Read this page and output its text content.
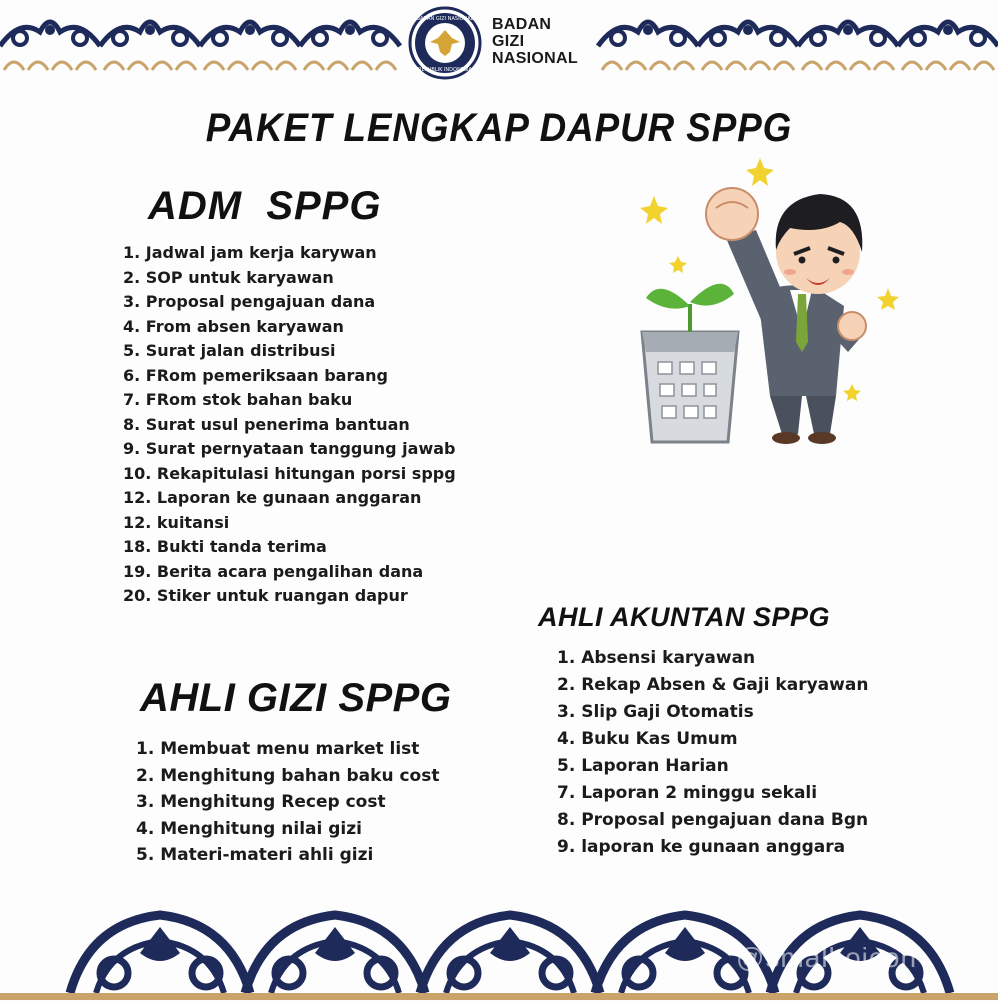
BADAN GIZI NASIONAL
REPUBLIK INDONESIA
BADAN
GIZI
NASIONAL
PAKET LENGKAP DAPUR SPPG
ADM  SPPG
1. Jadwal jam kerja karywan
2. SOP untuk karyawan
3. Proposal pengajuan dana
4. From absen karyawan
5. Surat jalan distribusi
6. FRom pemeriksaan barang
7. FRom stok bahan baku
8. Surat usul penerima bantuan
9. Surat pernyataan tanggung jawab
10. Rekapitulasi hitungan porsi sppg
12. Laporan ke gunaan anggaran
12. kuitansi
18. Bukti tanda terima
19. Berita acara pengalihan dana
20. Stiker untuk ruangan dapur
AHLI AKUNTAN SPPG
1. Absensi karyawan
2. Rekap Absen & Gaji karyawan
3. Slip Gaji Otomatis
4. Buku Kas Umum
5. Laporan Harian
7. Laporan 2 minggu sekali
8. Proposal pengajuan dana Bgn
9. laporan ke gunaan anggara
AHLI GIZI SPPG
1. Membuat menu market list
2. Menghitung bahan baku cost
3. Menghitung Recep cost
4. Menghitung nilai gizi
5. Materi-materi ahli gizi
@smalhoicon
